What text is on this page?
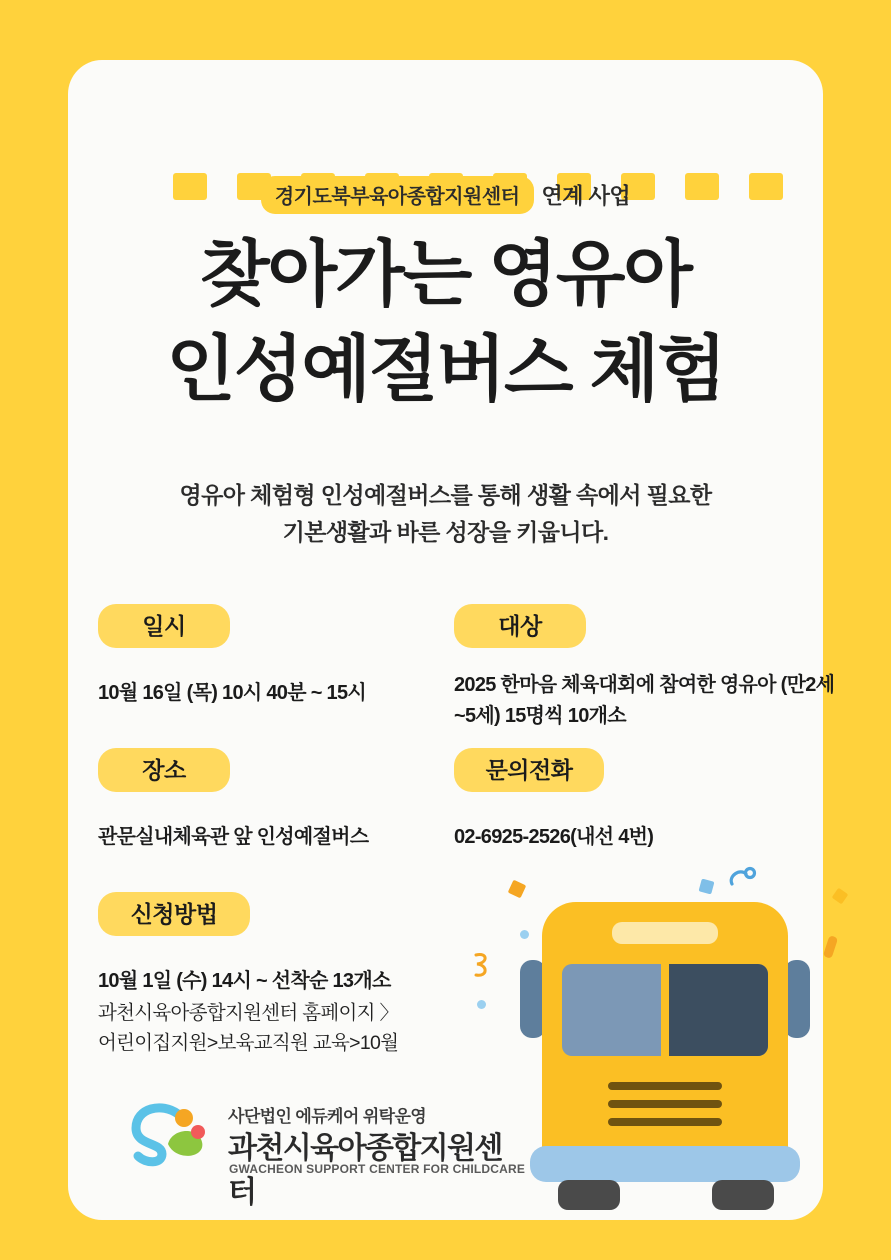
경기도북부육아종합지원센터 연계 사업
찾아가는 영유아
인성예절버스 체험
영유아 체험형 인성예절버스를 통해 생활 속에서 필요한
기본생활과 바른 성장을 키웁니다.
일시
10월 16일 (목) 10시 40분 ~ 15시
대상
2025 한마음 체육대회에 참여한 영유아 (만2세~5세) 15명씩 10개소
장소
관문실내체육관 앞 인성예절버스
문의전화
02-6925-2526(내선 4번)
신청방법
10월 1일 (수) 14시 ~ 선착순 13개소
과천시육아종합지원센터 홈페이지 〉
어린이집지원>보육교직원 교육>10월
사단법인 에듀케어 위탁운영
과천시육아종합지원센터
GWACHEON SUPPORT CENTER FOR CHILDCARE
